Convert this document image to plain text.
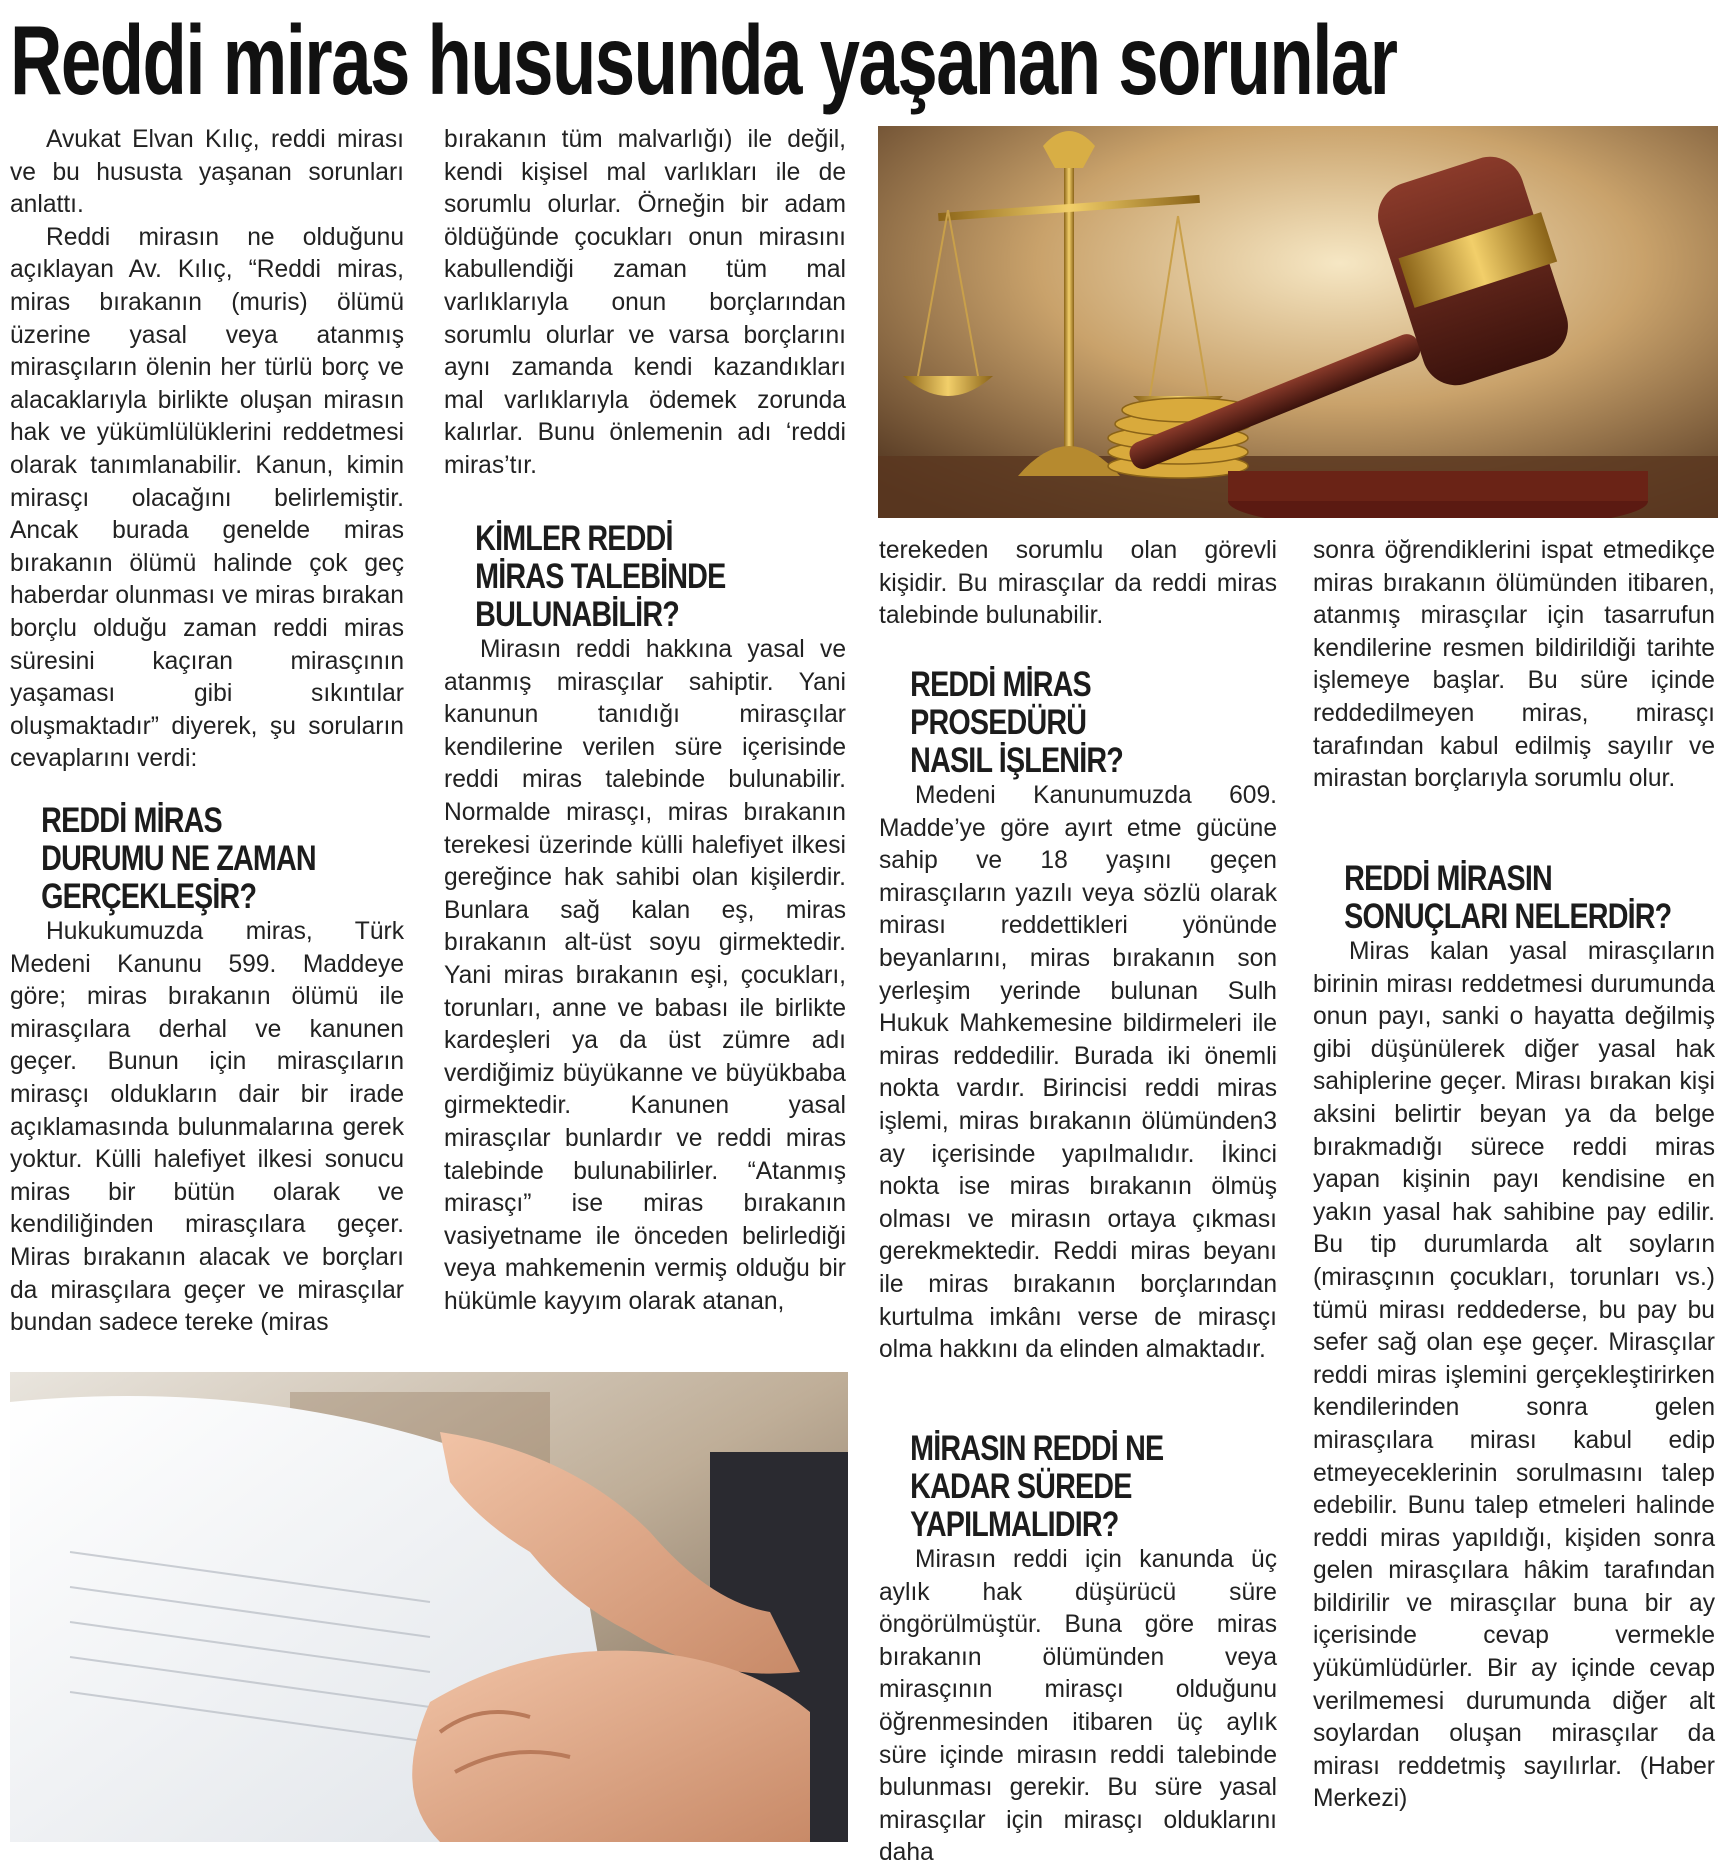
Reddi miras hususunda yaşanan sorunlar

Avukat Elvan Kılıç, reddi mirası ve bu hususta yaşanan sorunları anlattı.

Reddi mirasın ne olduğunu açıklayan Av. Kılıç, “Reddi miras, miras bırakanın (muris) ölümü üzerine yasal veya atanmış mirasçıların ölenin her türlü borç ve alacaklarıyla birlikte oluşan mirasın hak ve yükümlülüklerini reddetmesi olarak tanımlanabilir. Kanun, kimin mirasçı olacağını belirlemiştir. Ancak burada genelde miras bırakanın ölümü halinde çok geç haberdar olunması ve miras bırakan borçlu olduğu zaman reddi miras süresini kaçıran mirasçının yaşaması gibi sıkıntılar oluşmaktadır” diyerek, şu soruların cevaplarını verdi:

REDDİ MİRAS
DURUMU NE ZAMAN
GERÇEKLEŞİR?

Hukukumuzda miras, Türk Medeni Kanunu 599. Maddeye göre; miras bırakanın ölümü ile mirasçılara derhal ve kanunen geçer. Bunun için mirasçıların mirasçı oldukların dair bir irade açıklamasında bulunmalarına gerek yoktur. Külli halefiyet ilkesi sonucu miras bir bütün olarak ve kendiliğinden mirasçılara geçer. Miras bırakanın alacak ve borçları da mirasçılara geçer ve mirasçılar bundan sadece tereke (miras

bırakanın tüm malvarlığı) ile değil, kendi kişisel mal varlıkları ile de sorumlu olurlar. Örneğin bir adam öldüğünde çocukları onun mirasını kabullendiği zaman tüm mal varlıklarıyla onun borçlarından sorumlu olurlar ve varsa borçlarını aynı zamanda kendi kazandıkları mal varlıklarıyla ödemek zorunda kalırlar. Bunu önlemenin adı ‘reddi miras’tır.

KİMLER REDDİ
MİRAS TALEBİNDE
BULUNABİLİR?

Mirasın reddi hakkına yasal ve atanmış mirasçılar sahiptir. Yani kanunun tanıdığı mirasçılar kendilerine verilen süre içerisinde reddi miras talebinde bulunabilir. Normalde mirasçı, miras bırakanın terekesi üzerinde külli halefiyet ilkesi gereğince hak sahibi olan kişilerdir. Bunlara sağ kalan eş, miras bırakanın alt-üst soyu girmektedir. Yani miras bırakanın eşi, çocukları, torunları, anne ve babası ile birlikte kardeşleri ya da üst zümre adı verdiğimiz büyükanne ve büyükbaba girmektedir. Kanunen yasal mirasçılar bunlardır ve reddi miras talebinde bulunabilirler. “Atanmış mirasçı” ise miras bırakanın vasiyetname ile önceden belirlediği veya mahkemenin vermiş olduğu bir hükümle kayyım olarak atanan,

terekeden sorumlu olan görevli kişidir. Bu mirasçılar da reddi miras talebinde bulunabilir.

REDDİ MİRAS
PROSEDÜRÜ
NASIL İŞLENİR?

Medeni Kanunumuzda 609. Madde’ye göre ayırt etme gücüne sahip ve 18 yaşını geçen mirasçıların yazılı veya sözlü olarak mirası reddettikleri yönünde beyanlarını, miras bırakanın son yerleşim yerinde bulunan Sulh Hukuk Mahkemesine bildirmeleri ile miras reddedilir. Burada iki önemli nokta vardır. Birincisi reddi miras işlemi, miras bırakanın ölümünden3 ay içerisinde yapılmalıdır. İkinci nokta ise miras bırakanın ölmüş olması ve mirasın ortaya çıkması gerekmektedir. Reddi miras beyanı ile miras bırakanın borçlarından kurtulma imkânı verse de mirasçı olma hakkını da elinden almaktadır.

MİRASIN REDDİ NE
KADAR SÜREDE
YAPILMALIDIR?

Mirasın reddi için kanunda üç aylık hak düşürücü süre öngörülmüştür. Buna göre miras bırakanın ölümünden veya mirasçının mirasçı olduğunu öğrenmesinden itibaren üç aylık süre içinde mirasın reddi talebinde bulunması gerekir. Bu süre yasal mirasçılar için mirasçı olduklarını daha

sonra öğrendiklerini ispat etmedikçe miras bırakanın ölümünden itibaren, atanmış mirasçılar için tasarrufun kendilerine resmen bildirildiği tarihte işlemeye başlar. Bu süre içinde reddedilmeyen miras, mirasçı tarafından kabul edilmiş sayılır ve mirastan borçlarıyla sorumlu olur.

REDDİ MİRASIN
SONUÇLARI NELERDİR?

Miras kalan yasal mirasçıların birinin mirası reddetmesi durumunda onun payı, sanki o hayatta değilmiş gibi düşünülerek diğer yasal hak sahiplerine geçer. Mirası bırakan kişi aksini belirtir beyan ya da belge bırakmadığı sürece reddi miras yapan kişinin payı kendisine en yakın yasal hak sahibine pay edilir. Bu tip durumlarda alt soyların (mirasçının çocukları, torunları vs.) tümü mirası reddederse, bu pay bu sefer sağ olan eşe geçer. Mirasçılar reddi miras işlemini gerçekleştirirken kendilerinden sonra gelen mirasçılara mirası kabul edip etmeyeceklerinin sorulmasını talep edebilir. Bunu talep etmeleri halinde reddi miras yapıldığı, kişiden sonra gelen mirasçılara hâkim tarafından bildirilir ve mirasçılar buna bir ay içerisinde cevap vermekle yükümlüdürler. Bir ay içinde cevap verilmemesi durumunda diğer alt soylardan oluşan mirasçılar da mirası reddetmiş sayılırlar. (Haber Merkezi)
